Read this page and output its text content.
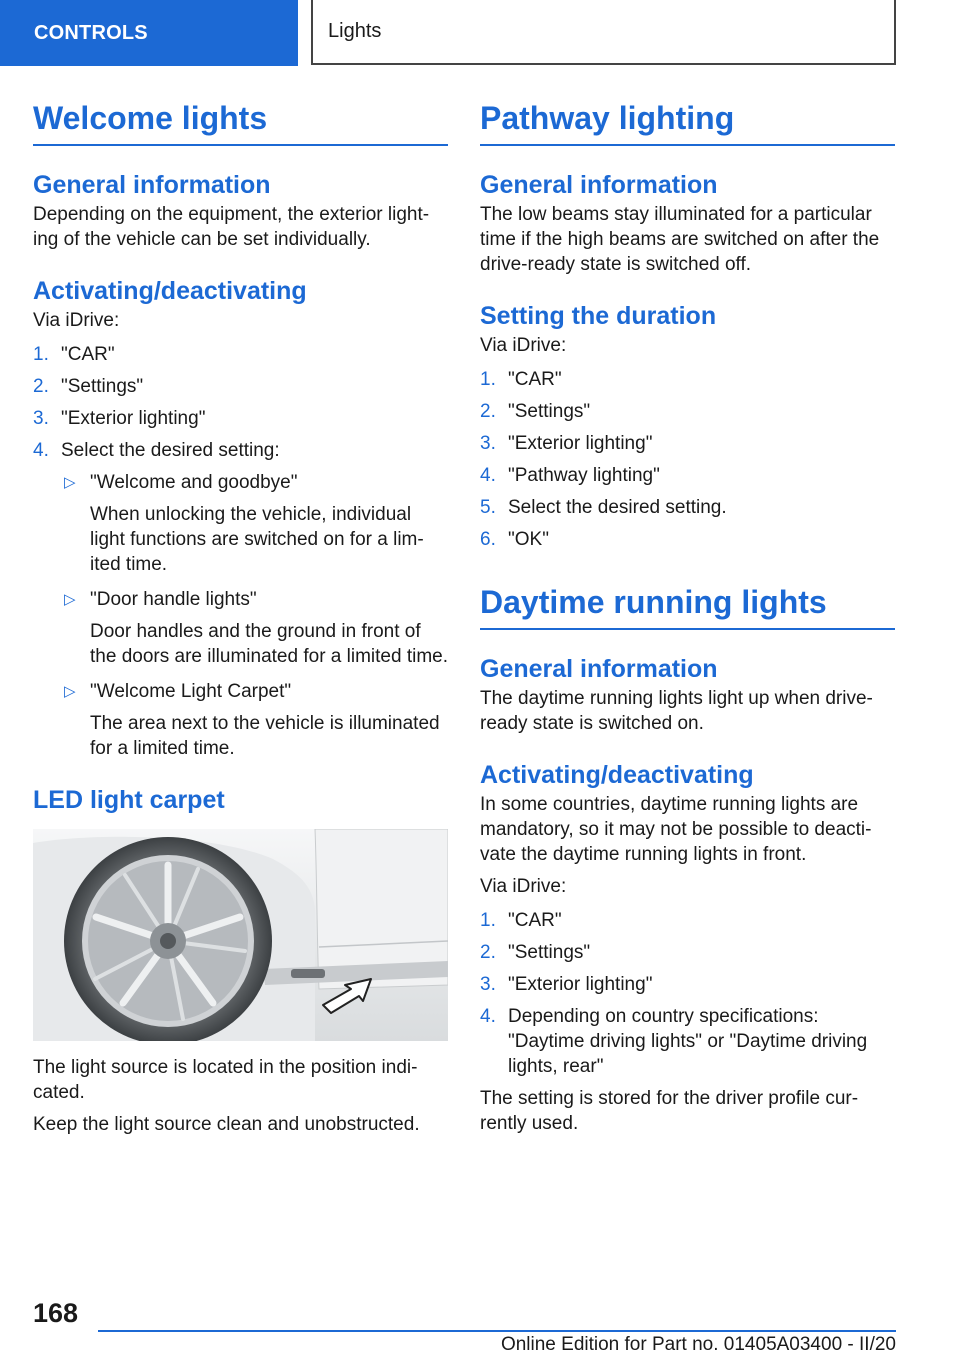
CONTROLS	Lights
Welcome lights
General information

Depending on the equipment, the exterior light‐ing of the vehicle can be set individually.

Activating/deactivating

Via iDrive:

1. "CAR"
2. "Settings"
3. "Exterior lighting"
4. Select the desired setting:
▷ "Welcome and goodbye"
When unlocking the vehicle, individual light functions are switched on for a lim‐ited time.
▷ "Door handle lights"
Door handles and the ground in front of the doors are illuminated for a limited time.
▷ "Welcome Light Carpet"
The area next to the vehicle is illuminated for a limited time.
LED light carpet

The light source is located in the position indi‐cated.

Keep the light source clean and unobstructed.

Pathway lighting
General information

The low beams stay illuminated for a particular time if the high beams are switched on after the drive-ready state is switched off.

Setting the duration

Via iDrive:

1. "CAR"
2. "Settings"
3. "Exterior lighting"
4. "Pathway lighting"
5. Select the desired setting.
6. "OK"
Daytime running lights
General information

The daytime running lights light up when drive-ready state is switched on.

Activating/deactivating

In some countries, daytime running lights are mandatory, so it may not be possible to deacti‐vate the daytime running lights in front.

Via iDrive:

1. "CAR"
2. "Settings"
3. "Exterior lighting"
4. Depending on country specifications: "Daytime driving lights" or "Daytime driving lights, rear"

The setting is stored for the driver profile cur‐rently used.

168
Online Edition for Part no. 01405A03400 - II/20
